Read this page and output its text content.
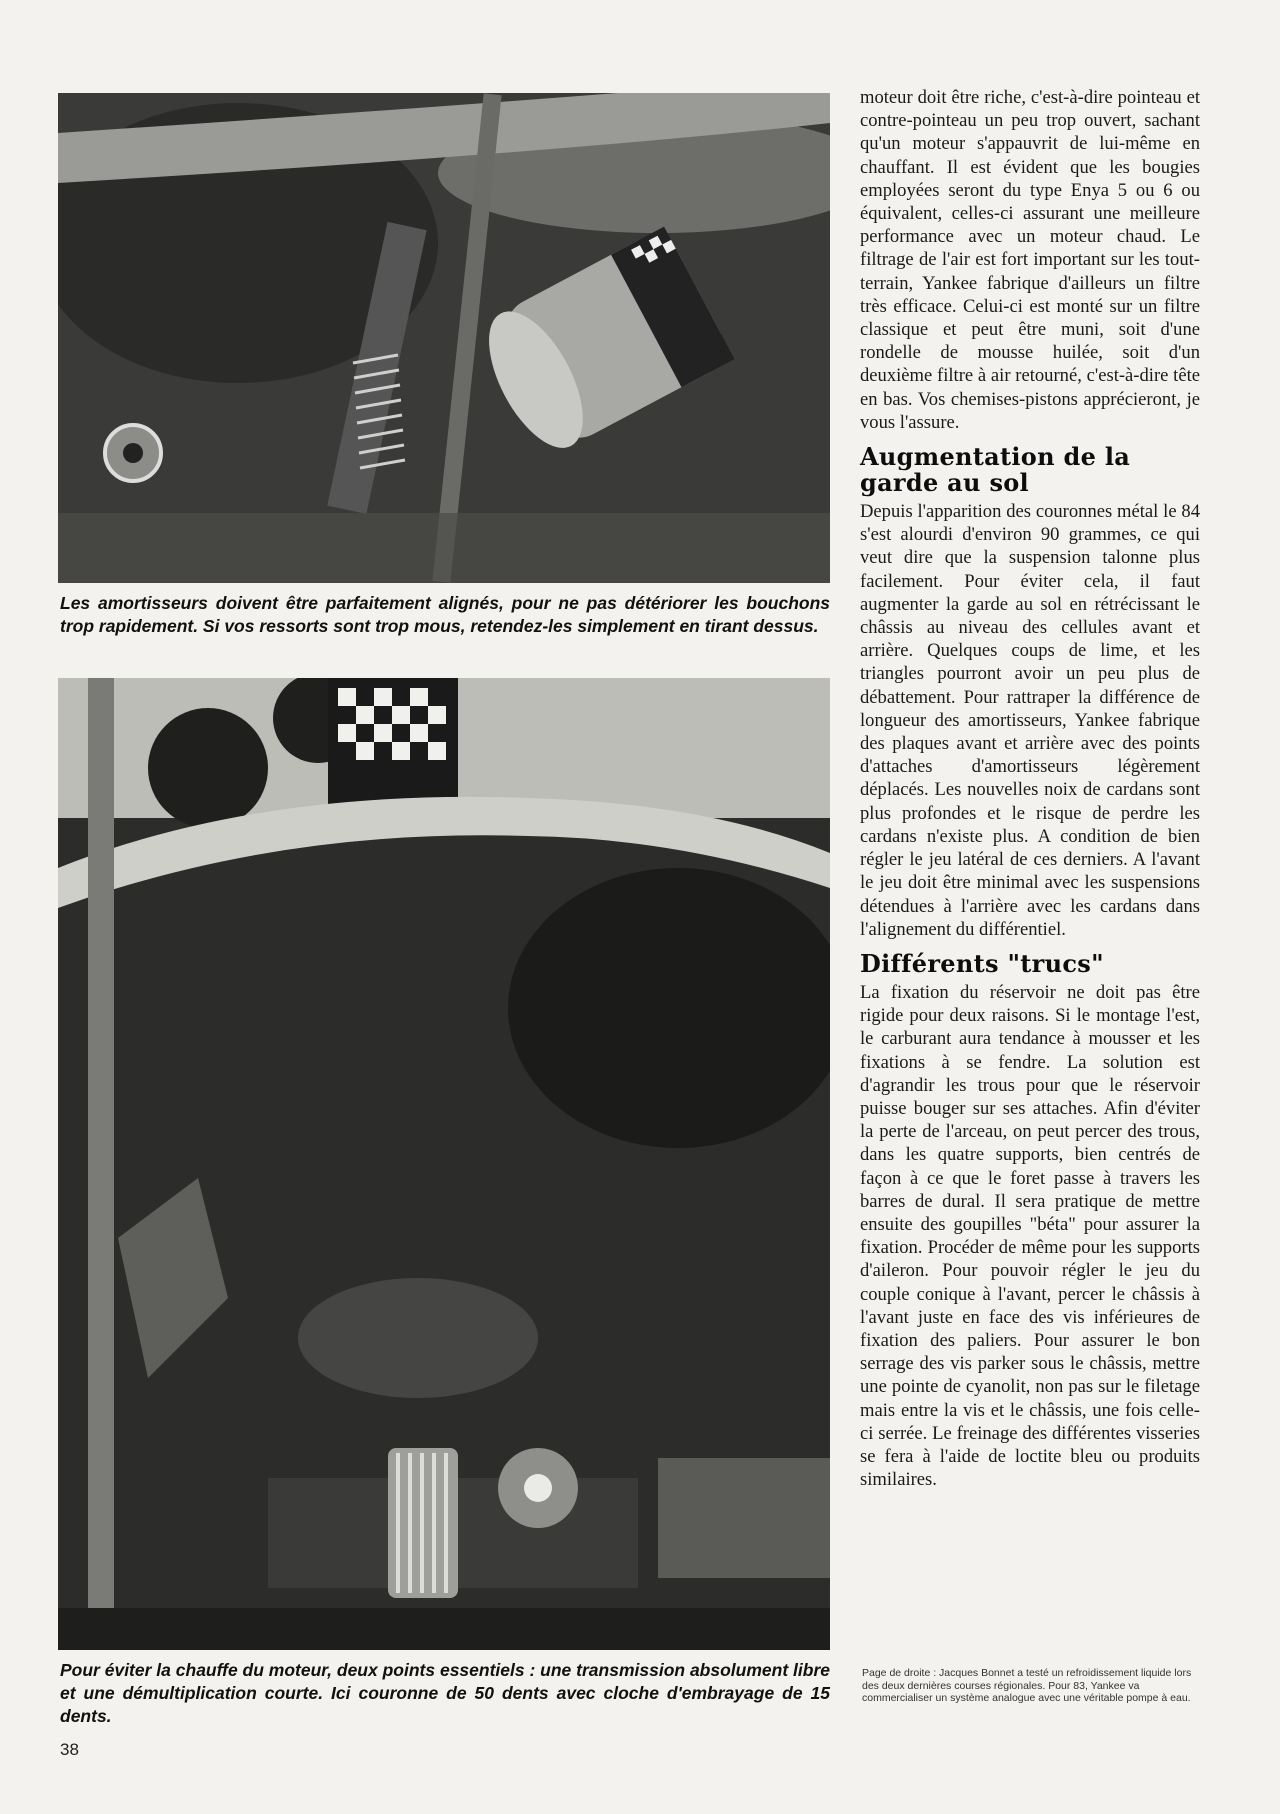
Les amortisseurs doivent être parfaitement alignés, pour ne pas détériorer les bouchons trop rapidement. Si vos ressorts sont trop mous, retendez-les simplement en tirant dessus.

Pour éviter la chauffe du moteur, deux points essentiels : une transmission absolument libre et une démultiplication courte. Ici couronne de 50 dents avec cloche d'embrayage de 15 dents.

38

moteur doit être riche, c'est-à-dire pointeau et contre-pointeau un peu trop ouvert, sachant qu'un moteur s'appauvrit de lui-même en chauffant. Il est évident que les bougies employées seront du type Enya 5 ou 6 ou équivalent, celles-ci assurant une meilleure performance avec un moteur chaud. Le filtrage de l'air est fort important sur les tout-terrain, Yankee fabrique d'ailleurs un filtre très efficace. Celui-ci est monté sur un filtre classique et peut être muni, soit d'une rondelle de mousse huilée, soit d'un deuxième filtre à air retourné, c'est-à-dire tête en bas. Vos chemises-pistons apprécieront, je vous l'assure.

Augmentation de la garde au sol

Depuis l'apparition des couronnes métal le 84 s'est alourdi d'environ 90 grammes, ce qui veut dire que la suspension talonne plus facilement. Pour éviter cela, il faut augmenter la garde au sol en rétrécissant le châssis au niveau des cellules avant et arrière. Quelques coups de lime, et les triangles pourront avoir un peu plus de débattement. Pour rattraper la différence de longueur des amortisseurs, Yankee fabrique des plaques avant et arrière avec des points d'attaches d'amortisseurs légèrement déplacés. Les nouvelles noix de cardans sont plus profondes et le risque de perdre les cardans n'existe plus. A condition de bien régler le jeu latéral de ces derniers. A l'avant le jeu doit être minimal avec les suspensions détendues à l'arrière avec les cardans dans l'alignement du différentiel.

Différents "trucs"

La fixation du réservoir ne doit pas être rigide pour deux raisons. Si le montage l'est, le carburant aura tendance à mousser et les fixations à se fendre. La solution est d'agrandir les trous pour que le réservoir puisse bouger sur ses attaches. Afin d'éviter la perte de l'arceau, on peut percer des trous, dans les quatre supports, bien centrés de façon à ce que le foret passe à travers les barres de dural. Il sera pratique de mettre ensuite des goupilles "béta" pour assurer la fixation. Procéder de même pour les supports d'aileron. Pour pouvoir régler le jeu du couple conique à l'avant, percer le châssis à l'avant juste en face des vis inférieures de fixation des paliers. Pour assurer le bon serrage des vis parker sous le châssis, mettre une pointe de cyanolit, non pas sur le filetage mais entre la vis et le châssis, une fois celle-ci serrée. Le freinage des différentes visseries se fera à l'aide de loctite bleu ou produits similaires.

Page de droite : Jacques Bonnet a testé un refroidissement liquide lors des deux dernières courses régionales. Pour 83, Yankee va commercialiser un système analogue avec une véritable pompe à eau.
